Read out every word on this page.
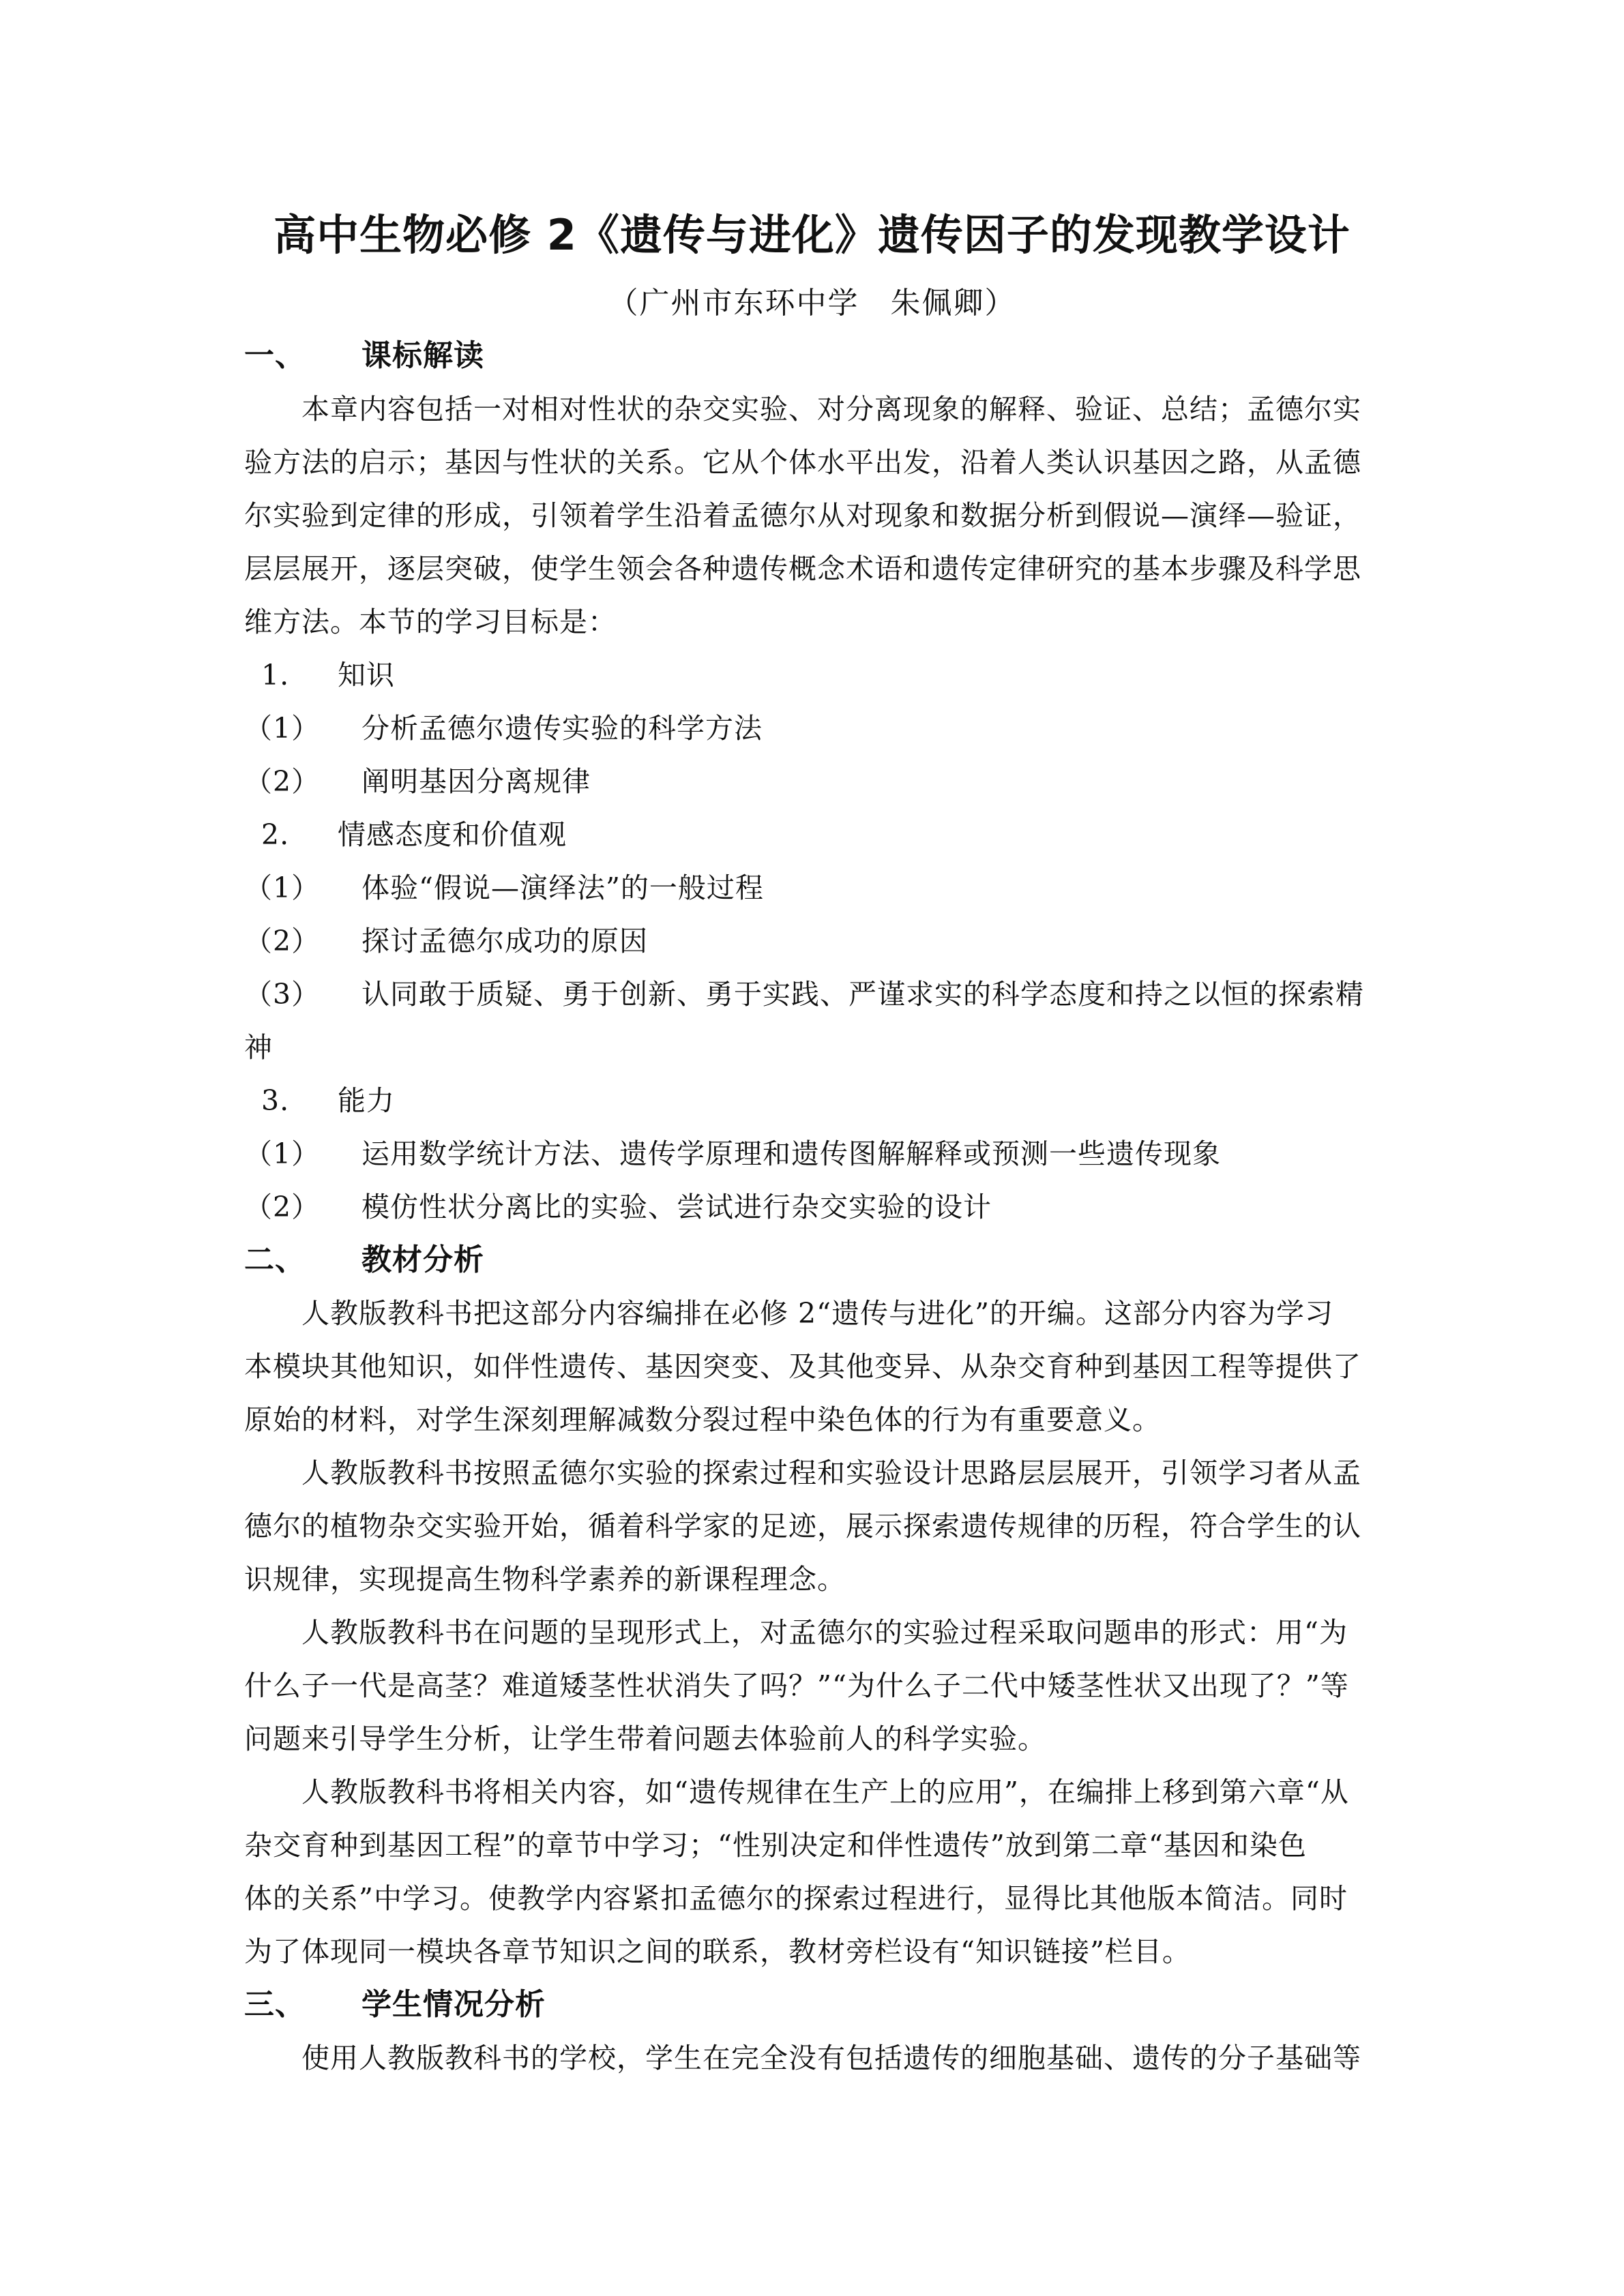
高中生物必修 2《遗传与进化》遗传因子的发现教学设计
（广州市东环中学　朱佩卿）
一、 课标解读
本章内容包括一对相对性状的杂交实验、对分离现象的解释、验证、总结；孟德尔实
验方法的启示；基因与性状的关系。它从个体水平出发，沿着人类认识基因之路，从孟德
尔实验到定律的形成，引领着学生沿着孟德尔从对现象和数据分析到假说—演绎—验证，
层层展开，逐层突破，使学生领会各种遗传概念术语和遗传定律研究的基本步骤及科学思
维方法。本节的学习目标是：
1. 知识
（1） 分析孟德尔遗传实验的科学方法
（2） 阐明基因分离规律
2. 情感态度和价值观
（1） 体验“假说—演绎法”的一般过程
（2） 探讨孟德尔成功的原因
（3） 认同敢于质疑、勇于创新、勇于实践、严谨求实的科学态度和持之以恒的探索精
神
3. 能力
（1） 运用数学统计方法、遗传学原理和遗传图解解释或预测一些遗传现象
（2） 模仿性状分离比的实验、尝试进行杂交实验的设计
二、 教材分析
人教版教科书把这部分内容编排在必修 2“遗传与进化”的开编。这部分内容为学习
本模块其他知识，如伴性遗传、基因突变、及其他变异、从杂交育种到基因工程等提供了
原始的材料，对学生深刻理解减数分裂过程中染色体的行为有重要意义。
人教版教科书按照孟德尔实验的探索过程和实验设计思路层层展开，引领学习者从孟
德尔的植物杂交实验开始，循着科学家的足迹，展示探索遗传规律的历程，符合学生的认
识规律，实现提高生物科学素养的新课程理念。
人教版教科书在问题的呈现形式上，对孟德尔的实验过程采取问题串的形式：用“为
什么子一代是高茎？难道矮茎性状消失了吗？”“为什么子二代中矮茎性状又出现了？”等
问题来引导学生分析，让学生带着问题去体验前人的科学实验。
人教版教科书将相关内容，如“遗传规律在生产上的应用”，在编排上移到第六章“从
杂交育种到基因工程”的章节中学习；“性别决定和伴性遗传”放到第二章“基因和染色
体的关系”中学习。使教学内容紧扣孟德尔的探索过程进行，显得比其他版本简洁。同时
为了体现同一模块各章节知识之间的联系，教材旁栏设有“知识链接”栏目。
三、 学生情况分析
使用人教版教科书的学校，学生在完全没有包括遗传的细胞基础、遗传的分子基础等
